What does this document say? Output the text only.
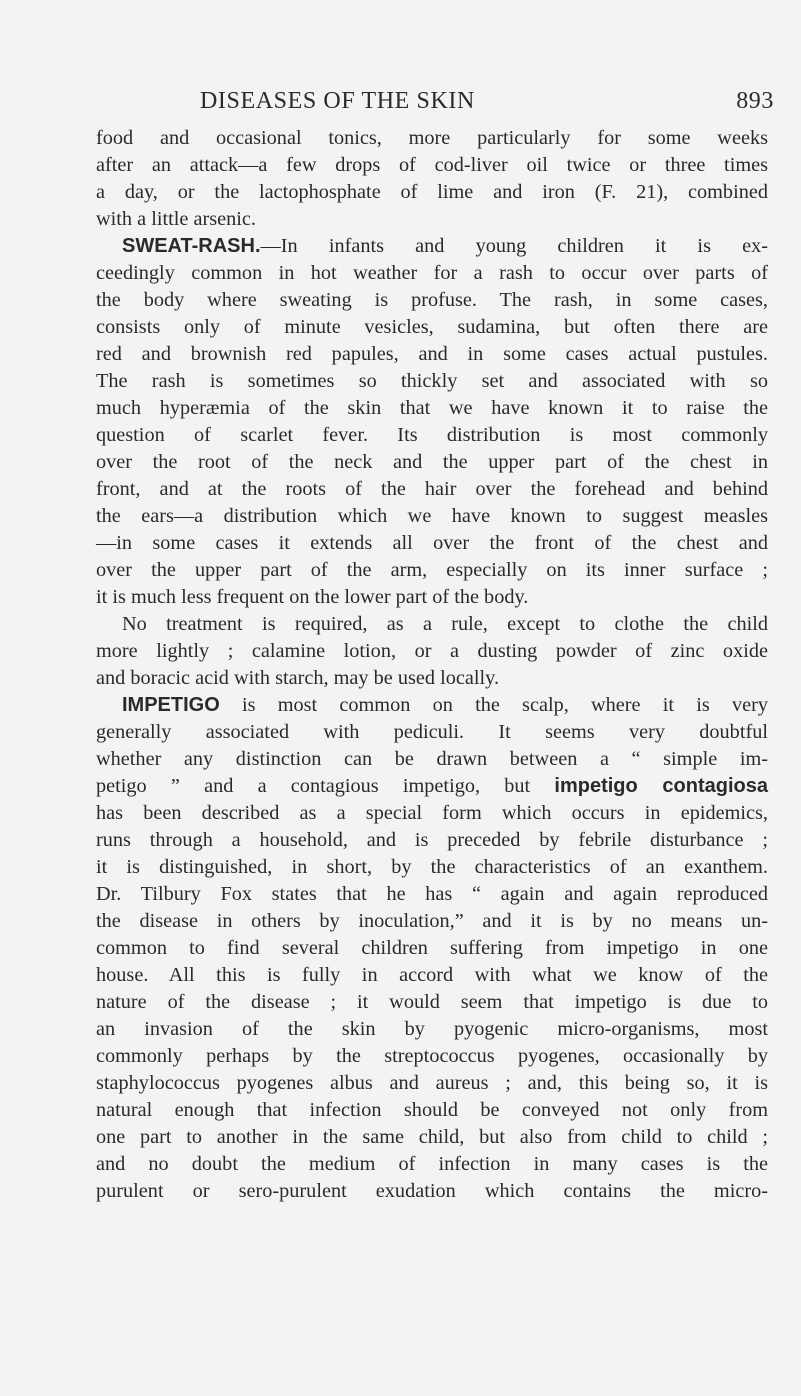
DISEASES OF THE SKIN	893
food and occasional tonics, more particularly for some weeks
after an attack—a few drops of cod-liver oil twice or three times
a day, or the lactophosphate of lime and iron (F. 21), combined
with a little arsenic.
SWEAT-RASH.—In infants and young children it is ex-
ceedingly common in hot weather for a rash to occur over parts of
the body where sweating is profuse. The rash, in some cases,
consists only of minute vesicles, sudamina, but often there are
red and brownish red papules, and in some cases actual pustules.
The rash is sometimes so thickly set and associated with so
much hyperæmia of the skin that we have known it to raise the
question of scarlet fever. Its distribution is most commonly
over the root of the neck and the upper part of the chest in
front, and at the roots of the hair over the forehead and behind
the ears—a distribution which we have known to suggest measles
—in some cases it extends all over the front of the chest and
over the upper part of the arm, especially on its inner surface ;
it is much less frequent on the lower part of the body.
No treatment is required, as a rule, except to clothe the child
more lightly ; calamine lotion, or a dusting powder of zinc oxide
and boracic acid with starch, may be used locally.
IMPETIGO is most common on the scalp, where it is very
generally associated with pediculi. It seems very doubtful
whether any distinction can be drawn between a “ simple im-
petigo ” and a contagious impetigo, but impetigo contagiosa
has been described as a special form which occurs in epidemics,
runs through a household, and is preceded by febrile disturbance ;
it is distinguished, in short, by the characteristics of an exanthem.
Dr. Tilbury Fox states that he has “ again and again reproduced
the disease in others by inoculation,” and it is by no means un-
common to find several children suffering from impetigo in one
house. All this is fully in accord with what we know of the
nature of the disease ; it would seem that impetigo is due to
an invasion of the skin by pyogenic micro-organisms, most
commonly perhaps by the streptococcus pyogenes, occasionally by
staphylococcus pyogenes albus and aureus ; and, this being so, it is
natural enough that infection should be conveyed not only from
one part to another in the same child, but also from child to child ;
and no doubt the medium of infection in many cases is the
purulent or sero-purulent exudation which contains the micro-
